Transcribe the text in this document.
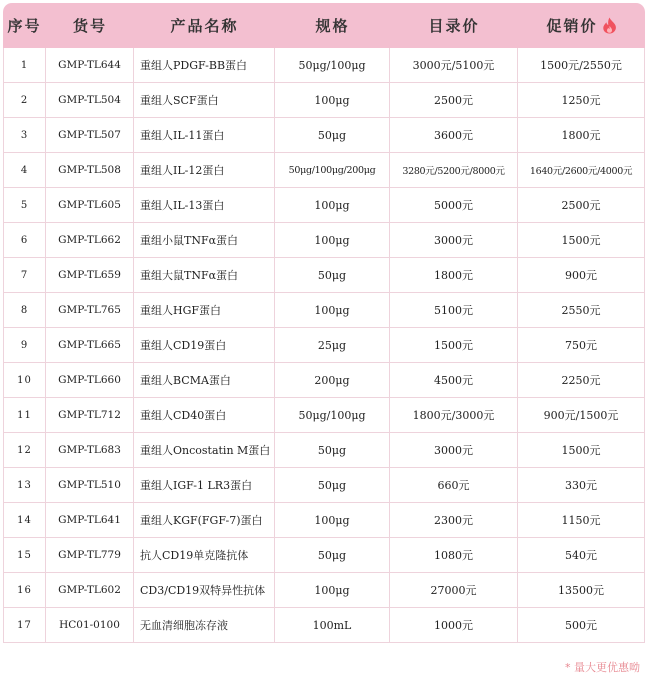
序号	货号	产品名称	规格	目录价	促销价
1	GMP-TL644	重组人PDGF-BB蛋白	50μg/100μg	3000元/5100元	1500元/2550元
2	GMP-TL504	重组人SCF蛋白	100μg	2500元	1250元
3	GMP-TL507	重组人IL-11蛋白	50μg	3600元	1800元
4	GMP-TL508	重组人IL-12蛋白	50μg/100μg/200μg	3280元/5200元/8000元	1640元/2600元/4000元
5	GMP-TL605	重组人IL-13蛋白	100μg	5000元	2500元
6	GMP-TL662	重组小鼠TNFα蛋白	100μg	3000元	1500元
7	GMP-TL659	重组大鼠TNFα蛋白	50μg	1800元	900元
8	GMP-TL765	重组人HGF蛋白	100μg	5100元	2550元
9	GMP-TL665	重组人CD19蛋白	25μg	1500元	750元
10	GMP-TL660	重组人BCMA蛋白	200μg	4500元	2250元
11	GMP-TL712	重组人CD40蛋白	50μg/100μg	1800元/3000元	900元/1500元
12	GMP-TL683	重组人Oncostatin M蛋白	50μg	3000元	1500元
13	GMP-TL510	重组人IGF-1 LR3蛋白	50μg	660元	330元
14	GMP-TL641	重组人KGF(FGF-7)蛋白	100μg	2300元	1150元
15	GMP-TL779	抗人CD19单克隆抗体	50μg	1080元	540元
16	GMP-TL602	CD3/CD19双特异性抗体	100μg	27000元	13500元
17	HC01-0100	无血清细胞冻存液	100mL	1000元	500元
* 量大更优惠呦
